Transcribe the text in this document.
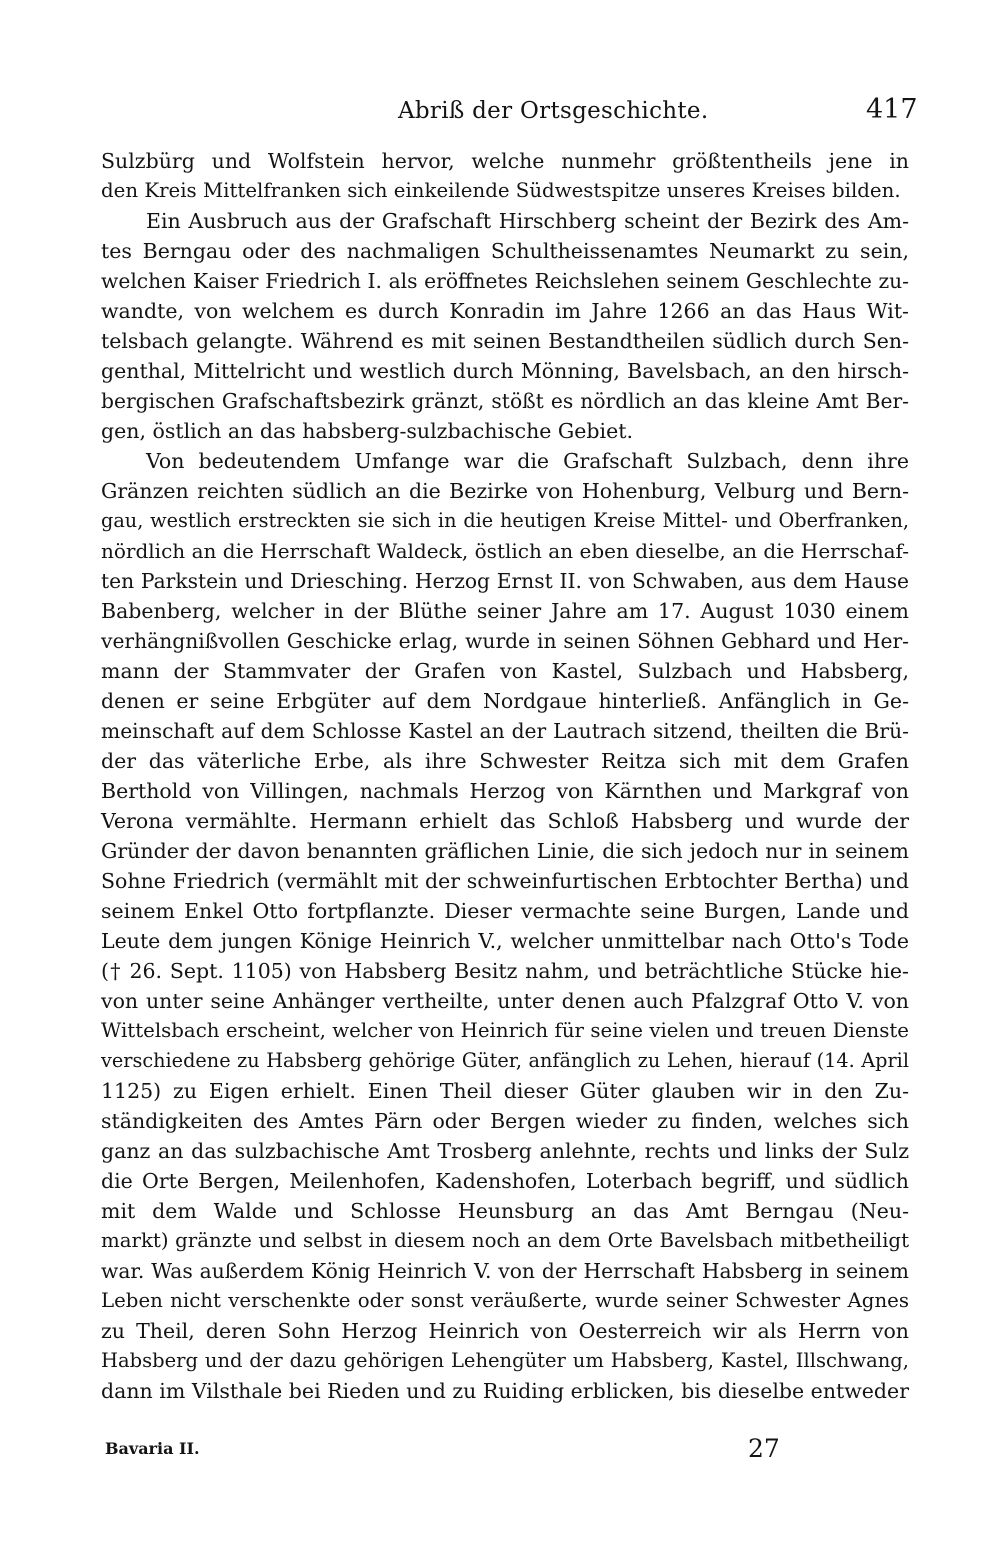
Abriß der Ortsgeschichte.	417
Sulzbürg und Wolfstein hervor, welche nunmehr größtentheils jene in
den Kreis Mittelfranken sich einkeilende Südwestspitze unseres Kreises bilden.
Ein Ausbruch aus der Grafschaft Hirschberg scheint der Bezirk des Am-
tes Berngau oder des nachmaligen Schultheissenamtes Neumarkt zu sein,
welchen Kaiser Friedrich I. als eröffnetes Reichslehen seinem Geschlechte zu-
wandte, von welchem es durch Konradin im Jahre 1266 an das Haus Wit-
telsbach gelangte. Während es mit seinen Bestandtheilen südlich durch Sen-
genthal, Mittelricht und westlich durch Mönning, Bavelsbach, an den hirsch-
bergischen Grafschaftsbezirk gränzt, stößt es nördlich an das kleine Amt Ber-
gen, östlich an das habsberg-sulzbachische Gebiet.
Von bedeutendem Umfange war die Grafschaft Sulzbach, denn ihre
Gränzen reichten südlich an die Bezirke von Hohenburg, Velburg und Bern-
gau, westlich erstreckten sie sich in die heutigen Kreise Mittel- und Oberfranken,
nördlich an die Herrschaft Waldeck, östlich an eben dieselbe, an die Herrschaf-
ten Parkstein und Driesching. Herzog Ernst II. von Schwaben, aus dem Hause
Babenberg, welcher in der Blüthe seiner Jahre am 17. August 1030 einem
verhängnißvollen Geschicke erlag, wurde in seinen Söhnen Gebhard und Her-
mann der Stammvater der Grafen von Kastel, Sulzbach und Habsberg,
denen er seine Erbgüter auf dem Nordgaue hinterließ. Anfänglich in Ge-
meinschaft auf dem Schlosse Kastel an der Lautrach sitzend, theilten die Brü-
der das väterliche Erbe, als ihre Schwester Reitza sich mit dem Grafen
Berthold von Villingen, nachmals Herzog von Kärnthen und Markgraf von
Verona vermählte. Hermann erhielt das Schloß Habsberg und wurde der
Gründer der davon benannten gräflichen Linie, die sich jedoch nur in seinem
Sohne Friedrich (vermählt mit der schweinfurtischen Erbtochter Bertha) und
seinem Enkel Otto fortpflanzte. Dieser vermachte seine Burgen, Lande und
Leute dem jungen Könige Heinrich V., welcher unmittelbar nach Otto's Tode
(† 26. Sept. 1105) von Habsberg Besitz nahm, und beträchtliche Stücke hie-
von unter seine Anhänger vertheilte, unter denen auch Pfalzgraf Otto V. von
Wittelsbach erscheint, welcher von Heinrich für seine vielen und treuen Dienste
verschiedene zu Habsberg gehörige Güter, anfänglich zu Lehen, hierauf (14. April
1125) zu Eigen erhielt. Einen Theil dieser Güter glauben wir in den Zu-
ständigkeiten des Amtes Pärn oder Bergen wieder zu finden, welches sich
ganz an das sulzbachische Amt Trosberg anlehnte, rechts und links der Sulz
die Orte Bergen, Meilenhofen, Kadenshofen, Loterbach begriff, und südlich
mit dem Walde und Schlosse Heunsburg an das Amt Berngau (Neu-
markt) gränzte und selbst in diesem noch an dem Orte Bavelsbach mitbetheiligt
war. Was außerdem König Heinrich V. von der Herrschaft Habsberg in seinem
Leben nicht verschenkte oder sonst veräußerte, wurde seiner Schwester Agnes
zu Theil, deren Sohn Herzog Heinrich von Oesterreich wir als Herrn von
Habsberg und der dazu gehörigen Lehengüter um Habsberg, Kastel, Illschwang,
dann im Vilsthale bei Rieden und zu Ruiding erblicken, bis dieselbe entweder
Bavaria II.	27
